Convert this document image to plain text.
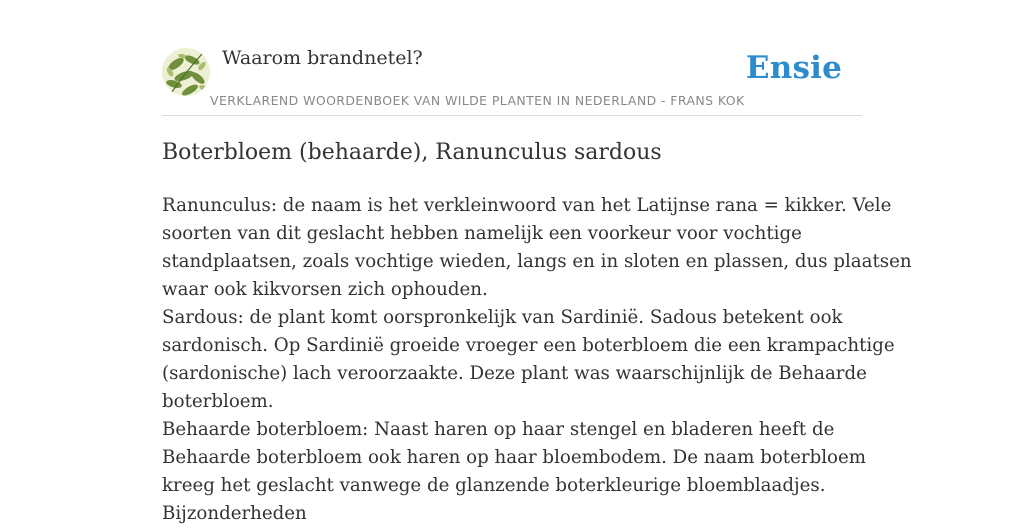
Waarom brandnetel?	Ensie
VERKLAREND WOORDENBOEK VAN WILDE PLANTEN IN NEDERLAND - FRANS KOK
Boterbloem (behaarde), Ranunculus sardous
Ranunculus: de naam is het verkleinwoord van het Latijnse rana = kikker. Vele
soorten van dit geslacht hebben namelijk een voorkeur voor vochtige
standplaatsen, zoals vochtige wieden, langs en in sloten en plassen, dus plaatsen
waar ook kikvorsen zich ophouden.
Sardous: de plant komt oorspronkelijk van Sardinië. Sadous betekent ook
sardonisch. Op Sardinië groeide vroeger een boterbloem die een krampachtige
(sardonische) lach veroorzaakte. Deze plant was waarschijnlijk de Behaarde
boterbloem.
Behaarde boterbloem: Naast haren op haar stengel en bladeren heeft de
Behaarde boterbloem ook haren op haar bloembodem. De naam boterbloem
kreeg het geslacht vanwege de glanzende boterkleurige bloemblaadjes.
Bijzonderheden
